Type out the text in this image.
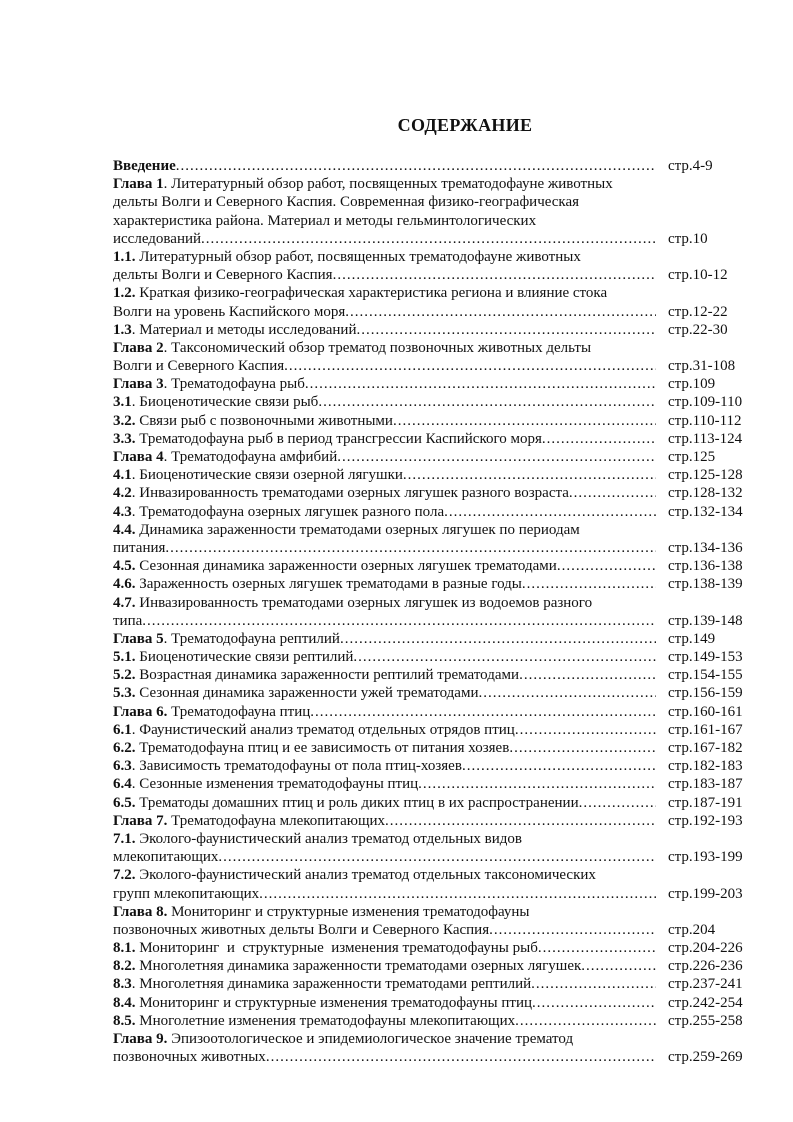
СОДЕРЖАНИЕ
Введение .....	стр.4-9
Глава 1 . Литературный обзор работ, посвященных трематодофауне животных
дельты Волги и Северного Каспия. Современная физико-географическая
характеристика района. Материал и методы гельминтологических
исследований .....	стр.10
1.1. Литературный обзор работ, посвященных трематодофауне животных
дельты Волги и Северного Каспия .....	стр.10-12
1.2. Краткая физико-географическая характеристика региона и влияние стока
Волги на уровень Каспийского моря .....	стр.12-22
1.3 . Материал и методы исследований .....	стр.22-30
Глава 2 . Таксономический обзор трематод позвоночных животных дельты
Волги и Северного Каспия .....	стр.31-108
Глава 3 . Трематодофауна рыб .....	стр.109
3.1 . Биоценотические связи рыб .....	стр.109-110
3.2. Связи рыб с позвоночными животными .....	стр.110-112
3.3. Трематодофауна рыб в период трансгрессии Каспийского моря .....	стр.113-124
Глава 4 . Трематодофауна амфибий .....	стр.125
4.1 . Биоценотические связи озерной лягушки .....	стр.125-128
4.2 . Инвазированность трематодами озерных лягушек разного возраста .....	стр.128-132
4.3 . Трематодофауна озерных лягушек разного пола .....	стр.132-134
4.4. Динамика зараженности трематодами озерных лягушек по периодам
питания .....	стр.134-136
4.5. Сезонная динамика зараженности озерных лягушек трематодами .....	стр.136-138
4.6. Зараженность озерных лягушек трематодами в разные годы .....	стр.138-139
4.7. Инвазированность трематодами озерных лягушек из водоемов разного
типа .....	стр.139-148
Глава 5 . Трематодофауна рептилий .....	стр.149
5.1. Биоценотические связи рептилий .....	стр.149-153
5.2. Возрастная динамика зараженности рептилий трематодами .....	стр.154-155
5.3. Сезонная динамика зараженности ужей трематодами .....	стр.156-159
Глава 6. Трематодофауна птиц .....	стр.160-161
6.1 . Фаунистический анализ трематод отдельных отрядов птиц .....	стр.161-167
6.2. Трематодофауна птиц и ее зависимость от питания хозяев .....	стр.167-182
6.3 . Зависимость трематодофауны от пола птиц-хозяев .....	стр.182-183
6.4 . Сезонные изменения трематодофауны птиц .....	стр.183-187
6.5. Трематоды домашних птиц и роль диких птиц в их распространении .....	стр.187-191
Глава 7. Трематодофауна млекопитающих .....	стр.192-193
7.1. Эколого-фаунистический анализ трематод отдельных видов
млекопитающих .....	стр.193-199
7.2. Эколого-фаунистический анализ трематод отдельных таксономических
групп млекопитающих .....	стр.199-203
Глава 8. Мониторинг и структурные изменения трематодофауны
позвоночных животных дельты Волги и Северного Каспия .....	стр.204
8.1. Мониторинг  и  структурные  изменения трематодофауны рыб .....	стр.204-226
8.2. Многолетняя динамика зараженности трематодами озерных лягушек .....	стр.226-236
8.3 . Многолетняя динамика зараженности трематодами рептилий .....	стр.237-241
8.4. Мониторинг и структурные изменения трематодофауны птиц .....	стр.242-254
8.5. Многолетние изменения трематодофауны млекопитающих .....	стр.255-258
Глава 9. Эпизоотологическое и эпидемиологическое значение трематод
позвоночных животных .....	стр.259-269
